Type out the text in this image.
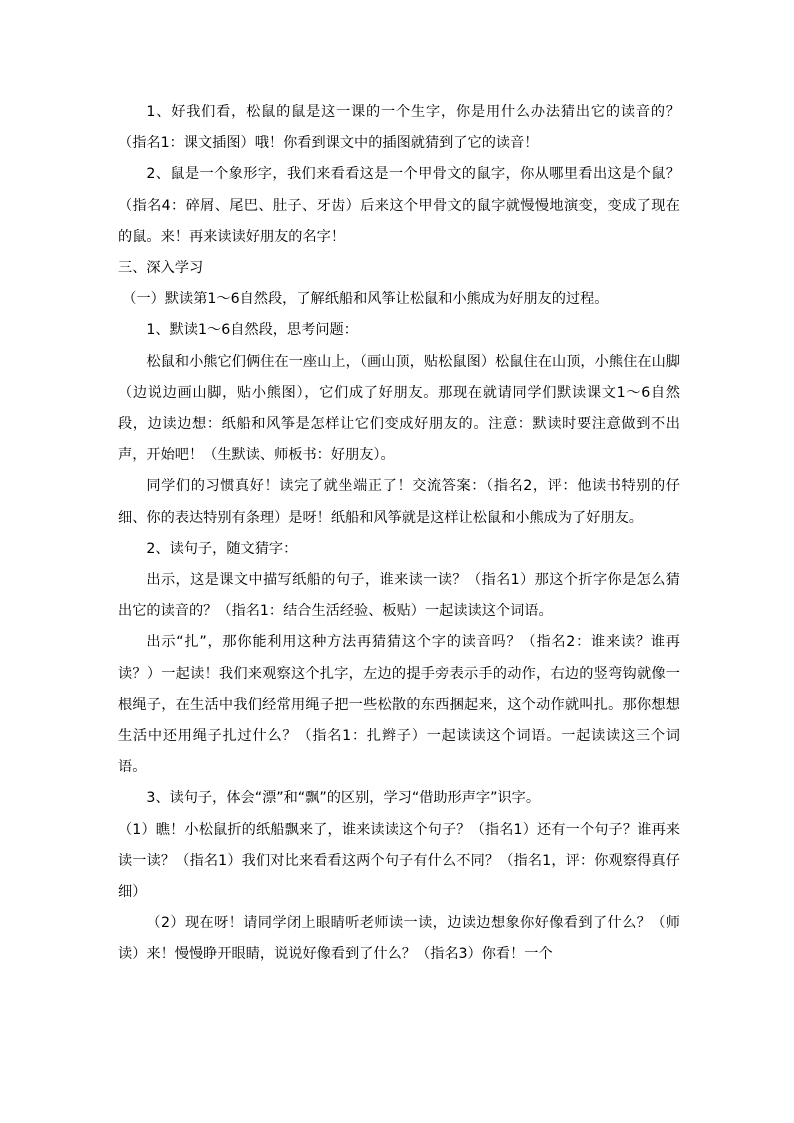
1、好我们看，松鼠的鼠是这一课的一个生字，你是用什么办法猜出它的读音的？（指名1：课文插图）哦！你看到课文中的插图就猜到了它的读音！

2、鼠是一个象形字，我们来看看这是一个甲骨文的鼠字，你从哪里看出这是个鼠？（指名4：碎屑、尾巴、肚子、牙齿）后来这个甲骨文的鼠字就慢慢地演变，变成了现在的鼠。来！再来读读好朋友的名字！

三、深入学习

（一）默读第1～6自然段，了解纸船和风筝让松鼠和小熊成为好朋友的过程。

1、默读1～6自然段，思考问题：

松鼠和小熊它们俩住在一座山上，（画山顶，贴松鼠图）松鼠住在山顶，小熊住在山脚（边说边画山脚，贴小熊图），它们成了好朋友。那现在就请同学们默读课文1～6自然段，边读边想：纸船和风筝是怎样让它们变成好朋友的。注意：默读时要注意做到不出声，开始吧！（生默读、师板书：好朋友）。

同学们的习惯真好！读完了就坐端正了！交流答案：（指名2，评：他读书特别的仔细、你的表达特别有条理）是呀！纸船和风筝就是这样让松鼠和小熊成为了好朋友。

2、读句子，随文猜字：

出示，这是课文中描写纸船的句子，谁来读一读？（指名1）那这个折字你是怎么猜出它的读音的？（指名1：结合生活经验、板贴）一起读读这个词语。

出示“扎”，那你能利用这种方法再猜猜这个字的读音吗？（指名2：谁来读？谁再读？）一起读！我们来观察这个扎字，左边的提手旁表示手的动作，右边的竖弯钩就像一根绳子，在生活中我们经常用绳子把一些松散的东西捆起来，这个动作就叫扎。那你想想生活中还用绳子扎过什么？（指名1：扎辫子）一起读读这个词语。一起读读这三个词语。

3、读句子，体会“漂”和“飘”的区别，学习“借助形声字”识字。

（1）瞧！小松鼠折的纸船飘来了，谁来读读这个句子？（指名1）还有一个句子？谁再来读一读？（指名1）我们对比来看看这两个句子有什么不同？（指名1，评：你观察得真仔细）

（2）现在呀！请同学闭上眼睛听老师读一读，边读边想象你好像看到了什么？（师读）来！慢慢睁开眼睛，说说好像看到了什么？（指名3）你看！一个
